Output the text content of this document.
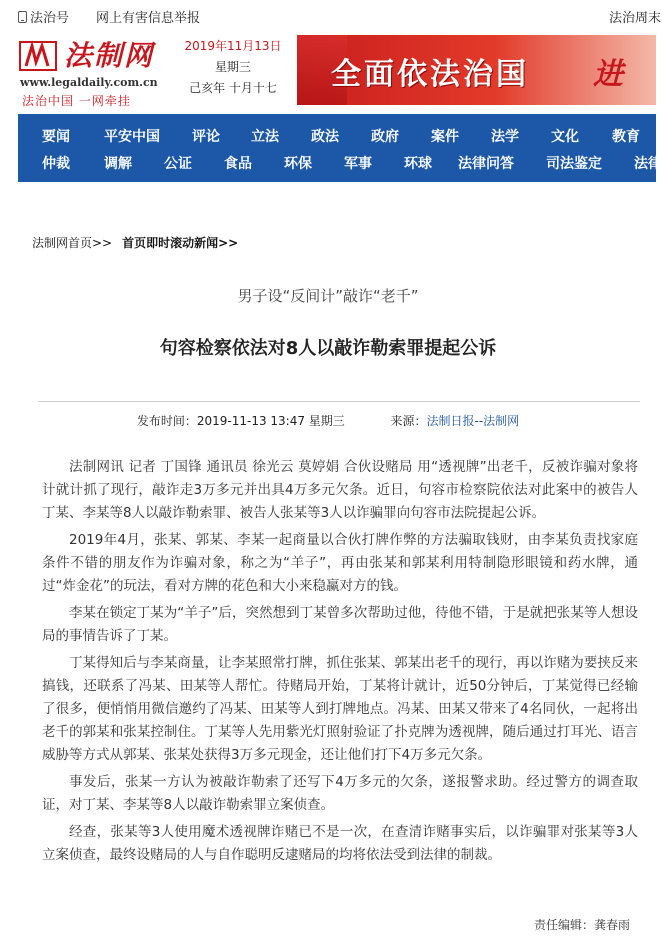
法治号 网上有害信息举报	法治周末
法制网
www.legaldaily.com.cn
法治中国 一网牵挂
2019年11月13日
星期三
己亥年 十月十七	全面依法治国 进
要闻 平安中国 评论 立法 政法 政府 案件 法学 文化 教育
仲裁 调解 公证 食品 环保 军事 环球 法律问答 司法鉴定 法律
法制网首页>> 首页即时滚动新闻>>
男子设“反间计”敲诈“老千”
句容检察依法对8人以敲诈勒索罪提起公诉
发布时间：2019-11-13 13:47 星期三	来源：法制日报--法制网

法制网讯 记者 丁国锋 通讯员 徐光云 莫婷娟 合伙设赌局 用“透视牌”出老千，反被诈骗对象将计就计抓了现行，敲诈走3万多元并出具4万多元欠条。近日，句容市检察院依法对此案中的被告人丁某、李某等8人以敲诈勒索罪、被告人张某等3人以诈骗罪向句容市法院提起公诉。

2019年4月，张某、郭某、李某一起商量以合伙打牌作弊的方法骗取钱财，由李某负责找家庭条件不错的朋友作为诈骗对象，称之为“羊子”，再由张某和郭某利用特制隐形眼镜和药水牌，通过“炸金花”的玩法，看对方牌的花色和大小来稳赢对方的钱。

李某在锁定丁某为“羊子”后，突然想到丁某曾多次帮助过他，待他不错，于是就把张某等人想设局的事情告诉了丁某。

丁某得知后与李某商量，让李某照常打牌，抓住张某、郭某出老千的现行，再以诈赌为要挟反来搞钱，还联系了冯某、田某等人帮忙。待赌局开始，丁某将计就计，近50分钟后，丁某觉得已经输了很多，便悄悄用微信邀约了冯某、田某等人到打牌地点。冯某、田某又带来了4名同伙，一起将出老千的郭某和张某控制住。丁某等人先用紫光灯照射验证了扑克牌为透视牌，随后通过打耳光、语言威胁等方式从郭某、张某处获得3万多元现金，还让他们打下4万多元欠条。

事发后，张某一方认为被敲诈勒索了还写下4万多元的欠条，遂报警求助。经过警方的调查取证，对丁某、李某等8人以敲诈勒索罪立案侦查。

经查，张某等3人使用魔术透视牌诈赌已不是一次，在查清诈赌事实后，以诈骗罪对张某等3人立案侦查，最终设赌局的人与自作聪明反逮赌局的均将依法受到法律的制裁。

责任编辑：龚春雨
